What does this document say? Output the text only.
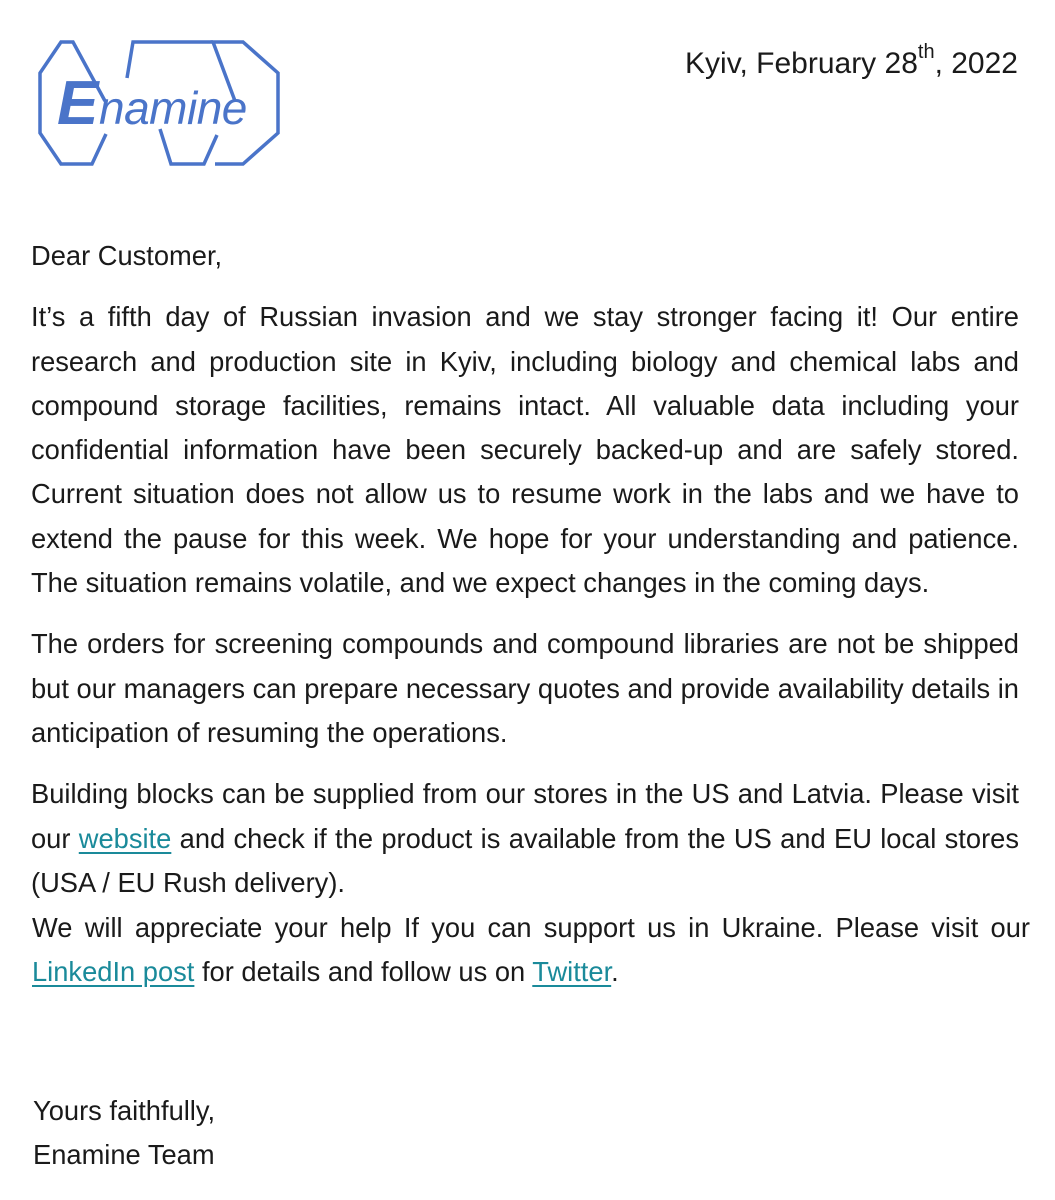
E namine
Kyiv, February 28th, 2022

Dear Customer,

It’s a fifth day of Russian invasion and we stay stronger facing it! Our entire research and production site in Kyiv, including biology and chemical labs and compound storage facilities, remains intact. All valuable data including your confidential information have been securely backed-up and are safely stored. Current situation does not allow us to resume work in the labs and we have to extend the pause for this week. We hope for your understanding and patience. The situation remains volatile, and we expect changes in the coming days.

The orders for screening compounds and compound libraries are not be shipped but our managers can prepare necessary quotes and provide availability details in anticipation of resuming the operations.

Building blocks can be supplied from our stores in the US and Latvia. Please visit our website and check if the product is available from the US and EU local stores (USA / EU Rush delivery).

We will appreciate your help If you can support us in Ukraine. Please visit our LinkedIn post for details and follow us on Twitter.

Yours faithfully,
Enamine Team
